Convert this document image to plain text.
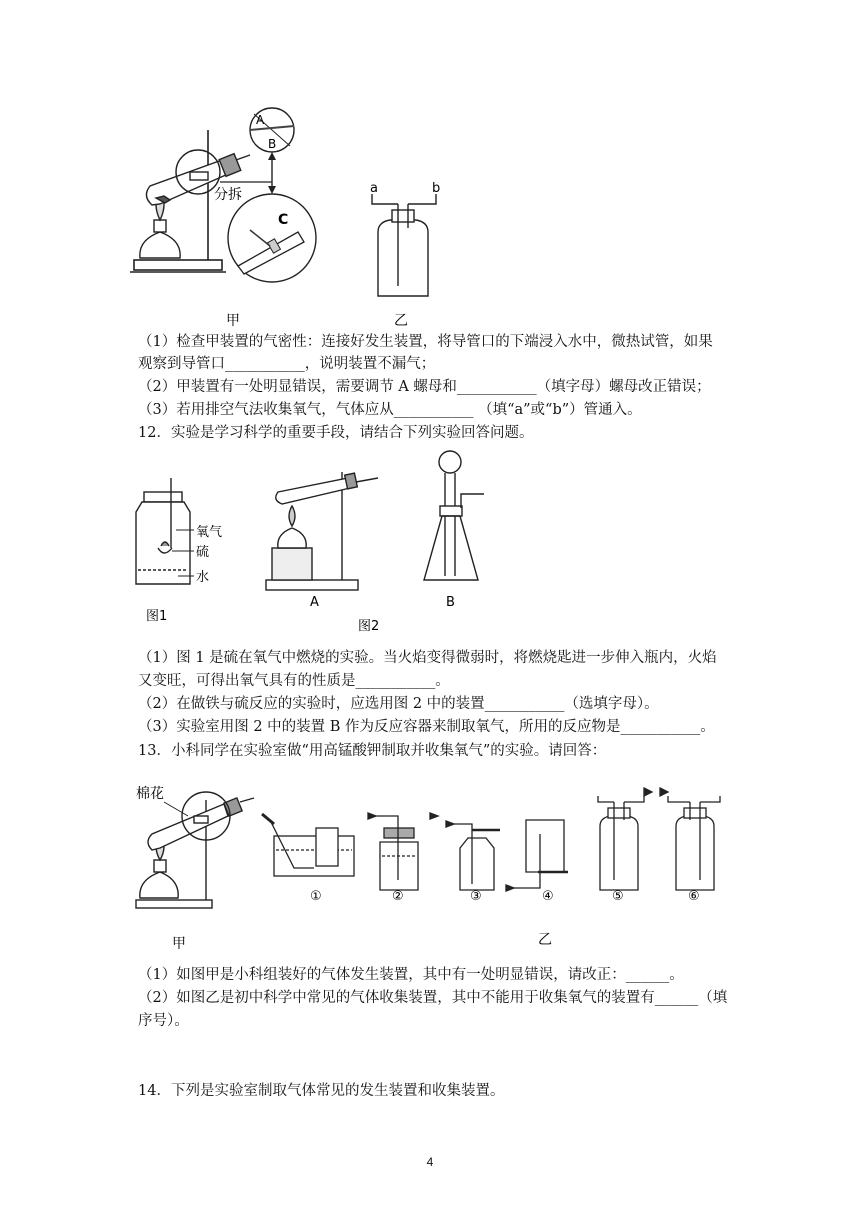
A
B
分拆
C
a	b
甲	乙
（1）检查甲装置的气密性：连接好发生装置，将导管口的下端浸入水中，微热试管，如果
观察到导管口___________，说明装置不漏气；
（2）甲装置有一处明显错误，需要调节 A 螺母和___________（填字母）螺母改正错误；
（3）若用排空气法收集氧气，气体应从___________ （填“a”或“b”）管通入。
12．实验是学习科学的重要手段，请结合下列实验回答问题。
氧气
硫
水
图1
A	B
图2
（1）图 1 是硫在氧气中燃烧的实验。当火焰变得微弱时，将燃烧匙进一步伸入瓶内，火焰
又变旺，可得出氧气具有的性质是___________。
（2）在做铁与硫反应的实验时，应选用图 2 中的装置___________（选填字母）。
（3）实验室用图 2 中的装置 B 作为反应容器来制取氧气，所用的反应物是___________。
13．小科同学在实验室做“用高锰酸钾制取并收集氧气”的实验。请回答：
棉花
甲
①	②	③	④	⑤	⑥
乙
（1）如图甲是小科组装好的气体发生装置，其中有一处明显错误，请改正：______。
（2）如图乙是初中科学中常见的气体收集装置，其中不能用于收集氧气的装置有______（填
序号）。
14．下列是实验室制取气体常见的发生装置和收集装置。
4
